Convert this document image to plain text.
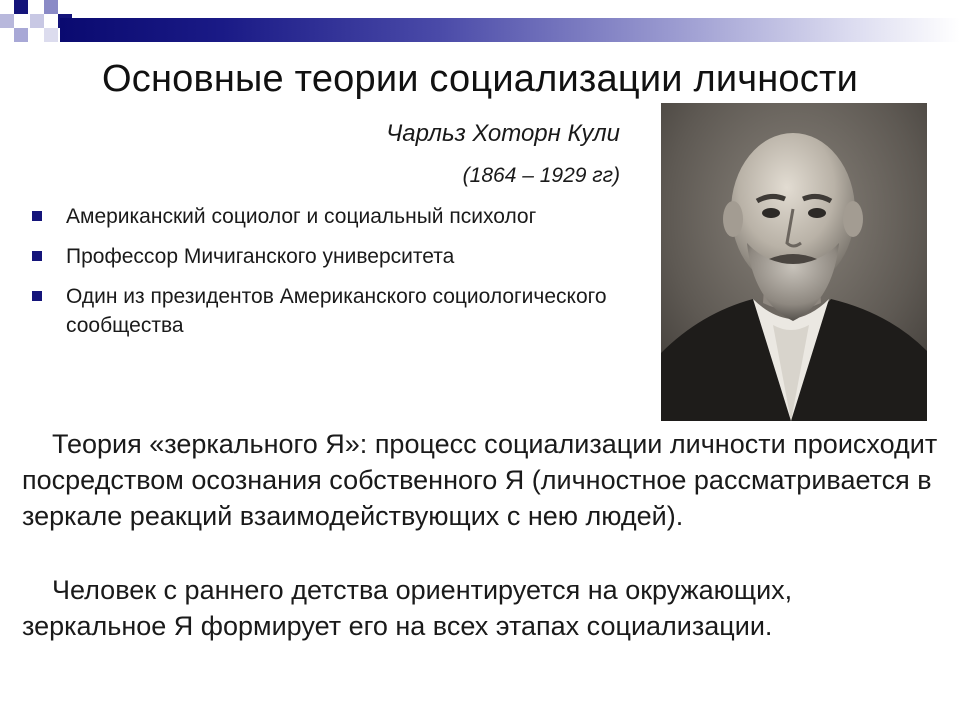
Основные теории социализации личности
Чарльз Хоторн Кули
(1864 – 1929 гг)
Американский социолог и социальный психолог
Профессор Мичиганского университета
Один из президентов Американского социологического сообщества

Теория «зеркального Я»: процесс социализации личности происходит посредством осознания собственного Я (личностное рассматривается в зеркале реакций взаимодействующих с нею людей).

Человек с раннего детства ориентируется на окружающих, зеркальное Я формирует его на всех этапах социализации.
